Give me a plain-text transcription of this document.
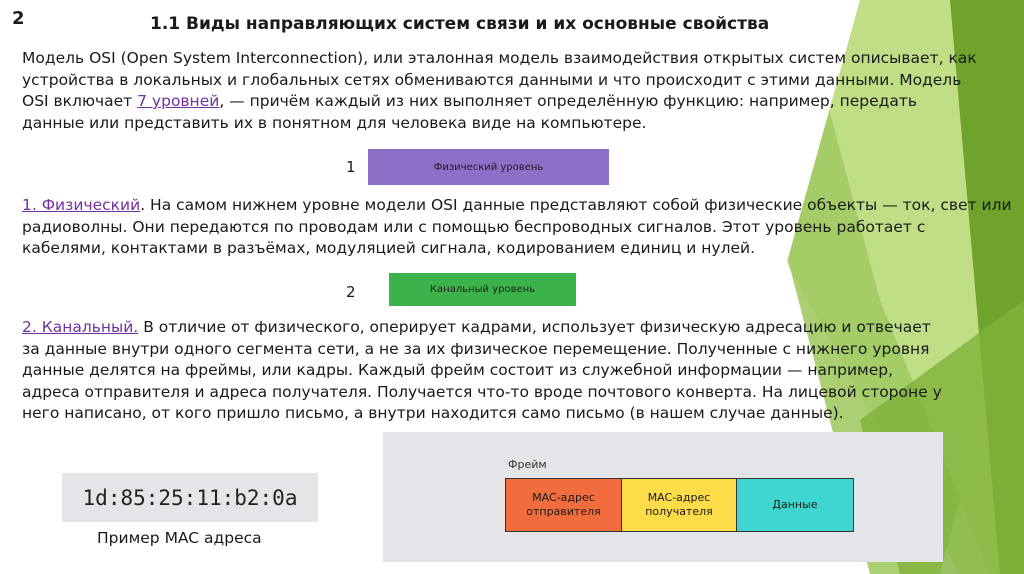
2	1.1 Виды направляющих систем связи и их основные свойства

Модель OSI (Open System Interconnection), или эталонная модель взаимодействия открытых систем описывает, как устройства в локальных и глобальных сетях обмениваются данными и что происходит с этими данными. Модель OSI включает 7 уровней, — причём каждый из них выполняет определённую функцию: например, передать данные или представить их в понятном для человека виде на компьютере.

1	Физический уровень

1. Физический. На самом нижнем уровне модели OSI данные представляют собой физические объекты — ток, свет или радиоволны. Они передаются по проводам или с помощью беспроводных сигналов. Этот уровень работает с кабелями, контактами в разъёмах, модуляцией сигнала, кодированием единиц и нулей.

2	Канальный уровень

2. Канальный. В отличие от физического, оперирует кадрами, использует физическую адресацию и отвечает за данные внутри одного сегмента сети, а не за их физическое перемещение. Полученные с нижнего уровня данные делятся на фреймы, или кадры. Каждый фрейм состоит из служебной информации — например, адреса отправителя и адреса получателя. Получается что-то вроде почтового конверта. На лицевой стороне у него написано, от кого пришло письмо, а внутри находится само письмо (в нашем случае данные).

1d:85:25:11:b2:0a
Пример MAC адреса
Фрейм
MAC-адрес отправителя
MAC-адрес получателя
Данные
